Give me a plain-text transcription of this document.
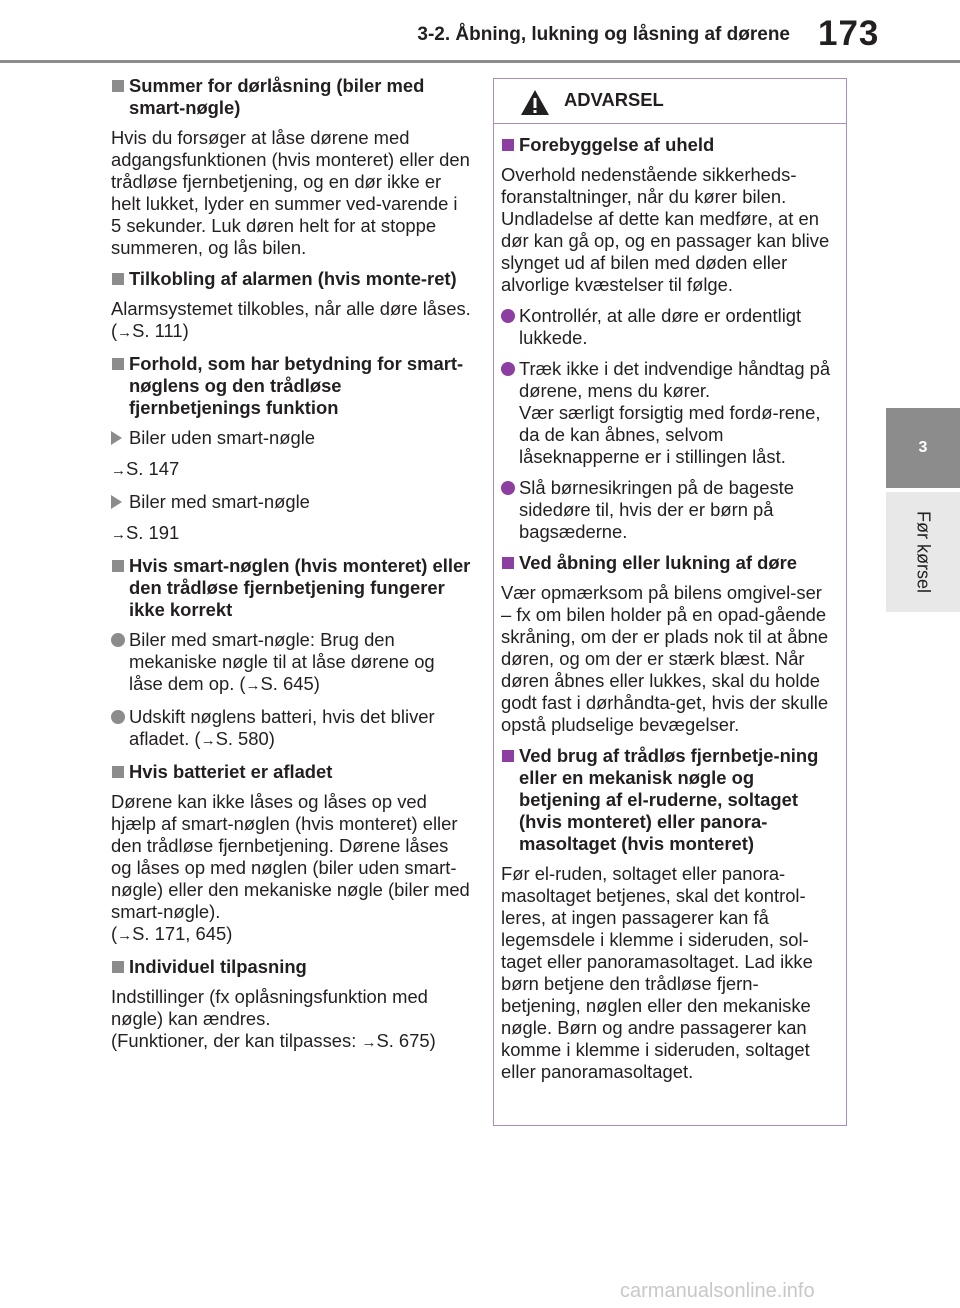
3-2. Åbning, lukning og låsning af dørene 173
3
Før kørsel
Summer for dørlåsning (biler med smart-nøgle)

Hvis du forsøger at låse dørene med adgangsfunktionen (hvis monteret) eller den trådløse fjernbetjening, og en dør ikke er helt lukket, lyder en summer ved-varende i 5 sekunder. Luk døren helt for at stoppe summeren, og lås bilen.

Tilkobling af alarmen (hvis monte-ret)

Alarmsystemet tilkobles, når alle døre låses. (→S. 111)

Forhold, som har betydning for smart-nøglens og den trådløse fjernbetjenings funktion
Biler uden smart-nøgle

→S. 147

Biler med smart-nøgle

→S. 191

Hvis smart-nøglen (hvis monteret) eller den trådløse fjernbetjening fungerer ikke korrekt
Biler med smart-nøgle: Brug den mekaniske nøgle til at låse dørene og låse dem op. (→S. 645)
Udskift nøglens batteri, hvis det bliver afladet. (→S. 580)
Hvis batteriet er afladet

Dørene kan ikke låses og låses op ved hjælp af smart-nøglen (hvis monteret) eller den trådløse fjernbetjening. Dørene låses og låses op med nøglen (biler uden smart-nøgle) eller den mekaniske nøgle (biler med smart-nøgle).
(→S. 171, 645)

Individuel tilpasning

Indstillinger (fx oplåsningsfunktion med nøgle) kan ændres.
(Funktioner, der kan tilpasses: →S. 675)

ADVARSEL
Forebyggelse af uheld

Overhold nedenstående sikkerheds-foranstaltninger, når du kører bilen. Undladelse af dette kan medføre, at en dør kan gå op, og en passager kan blive slynget ud af bilen med døden eller alvorlige kvæstelser til følge.

Kontrollér, at alle døre er ordentligt lukkede.
Træk ikke i det indvendige håndtag på dørene, mens du kører.
Vær særligt forsigtig med fordø-rene, da de kan åbnes, selvom låseknapperne er i stillingen låst.
Slå børnesikringen på de bageste sidedøre til, hvis der er børn på bagsæderne.
Ved åbning eller lukning af døre

Vær opmærksom på bilens omgivel-ser – fx om bilen holder på en opad-gående skråning, om der er plads nok til at åbne døren, og om der er stærk blæst. Når døren åbnes eller lukkes, skal du holde godt fast i dørhåndta-get, hvis der skulle opstå pludselige bevægelser.

Ved brug af trådløs fjernbetje-ning eller en mekanisk nøgle og betjening af el-ruderne, soltaget (hvis monteret) eller panora-masoltaget (hvis monteret)

Før el-ruden, soltaget eller panora-masoltaget betjenes, skal det kontrol-leres, at ingen passagerer kan få legemsdele i klemme i sideruden, sol-taget eller panoramasoltaget. Lad ikke børn betjene den trådløse fjern-betjening, nøglen eller den mekaniske nøgle. Børn og andre passagerer kan komme i klemme i sideruden, soltaget eller panoramasoltaget.

carmanualsonline.info
